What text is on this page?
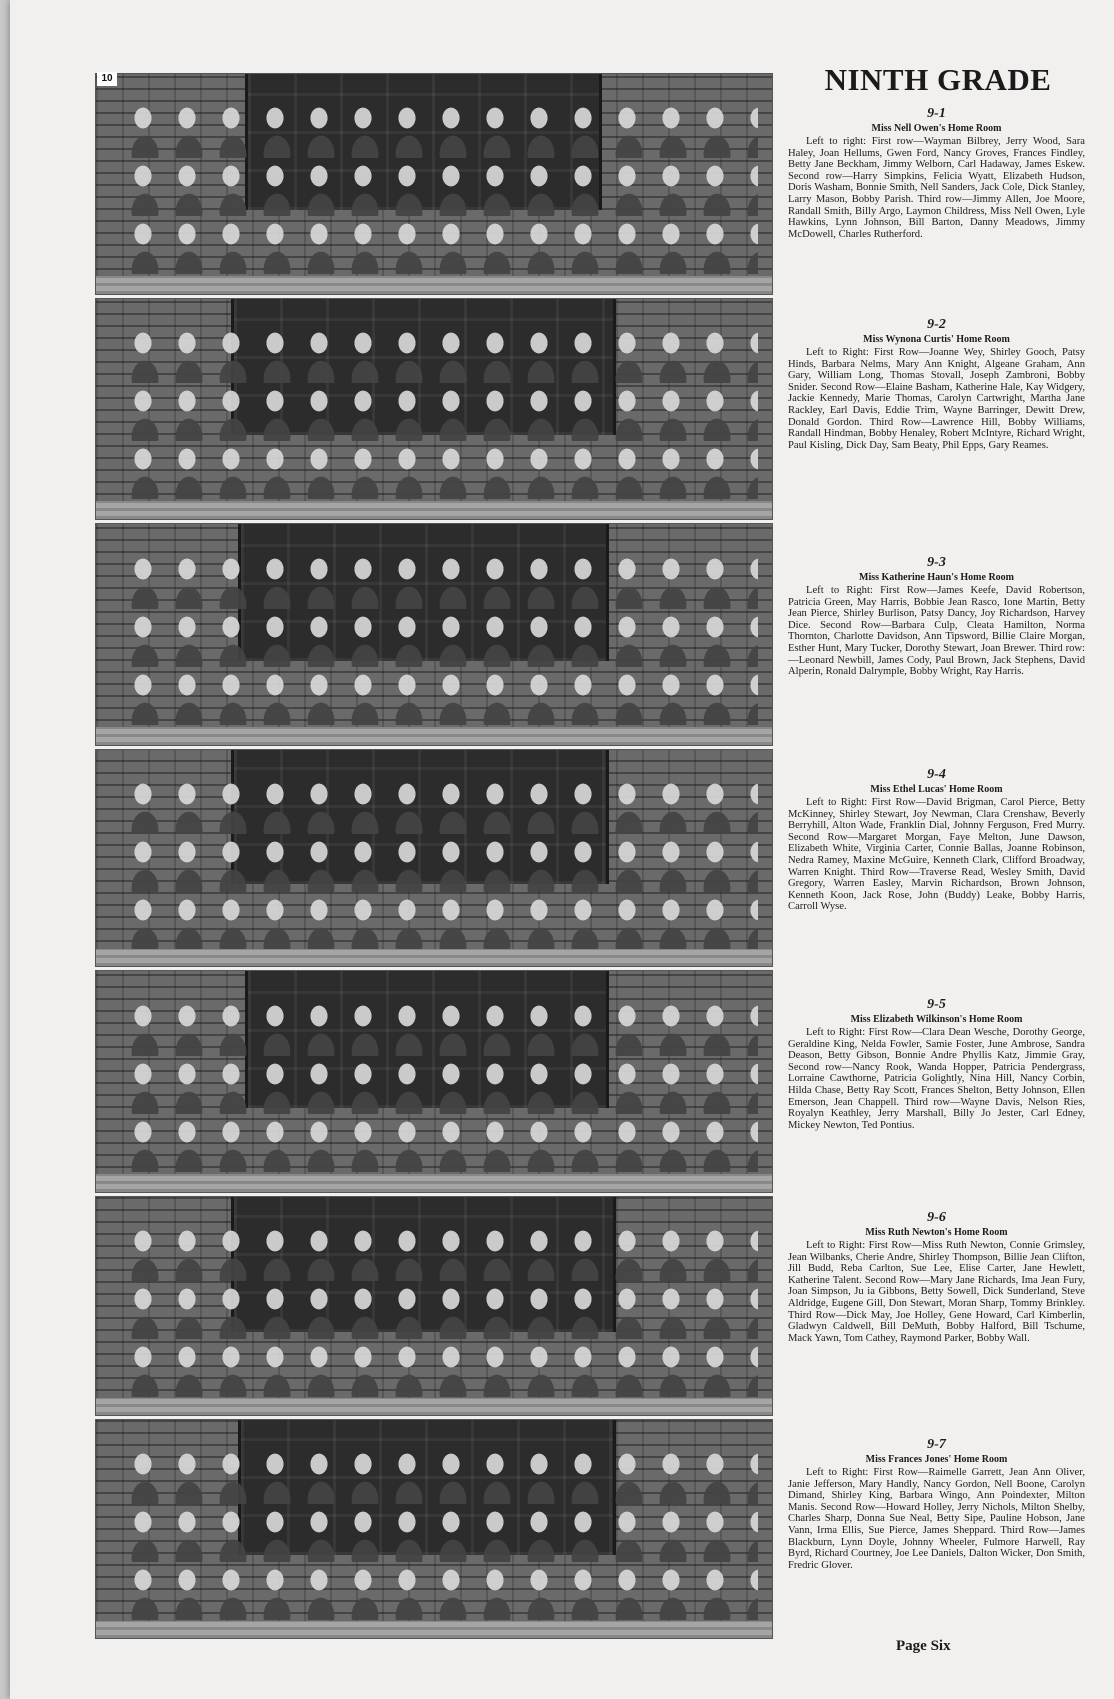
10	NINTH GRADE
9-1
Miss Nell Owen's Home Room

Left to right: First row—Wayman Bilbrey, Jerry Wood, Sara Haley, Joan Hellums, Gwen Ford, Nancy Groves, Frances Findley, Betty Jane Beckham, Jimmy Welborn, Carl Hadaway, James Eskew. Second row—Harry Simpkins, Felicia Wyatt, Elizabeth Hudson, Doris Washam, Bonnie Smith, Nell Sanders, Jack Cole, Dick Stanley, Larry Mason, Bobby Parish. Third row—Jimmy Allen, Joe Moore, Randall Smith, Billy Argo, Laymon Childress, Miss Nell Owen, Lyle Hawkins, Lynn Johnson, Bill Barton, Danny Meadows, Jimmy McDowell, Charles Rutherford.

9-2
Miss Wynona Curtis' Home Room

Left to Right: First Row—Joanne Wey, Shirley Gooch, Patsy Hinds, Barbara Nelms, Mary Ann Knight, Algeane Graham, Ann Gary, William Long, Thomas Stovall, Joseph Zambroni, Bobby Snider. Second Row—Elaine Basham, Katherine Hale, Kay Widgery, Jackie Kennedy, Marie Thomas, Carolyn Cartwright, Martha Jane Rackley, Earl Davis, Eddie Trim, Wayne Barringer, Dewitt Drew, Donald Gordon. Third Row—Lawrence Hill, Bobby Williams, Randall Hindman, Bobby Henaley, Robert McIntyre, Richard Wright, Paul Kisling, Dick Day, Sam Beaty, Phil Epps, Gary Reames.

9-3
Miss Katherine Haun's Home Room

Left to Right: First Row—James Keefe, David Robertson, Patricia Green, May Harris, Bobbie Jean Rasco, Ione Martin, Betty Jean Pierce, Shirley Burlison, Patsy Dancy, Joy Richardson, Harvey Dice. Second Row—Barbara Culp, Cleata Hamilton, Norma Thornton, Charlotte Davidson, Ann Tipsword, Billie Claire Morgan, Esther Hunt, Mary Tucker, Dorothy Stewart, Joan Brewer. Third row:—Leonard Newbill, James Cody, Paul Brown, Jack Stephens, David Alperin, Ronald Dalrymple, Bobby Wright, Ray Harris.

9-4
Miss Ethel Lucas' Home Room

Left to Right: First Row—David Brigman, Carol Pierce, Betty McKinney, Shirley Stewart, Joy Newman, Clara Crenshaw, Beverly Berryhill, Alton Wade, Franklin Dial, Johnny Ferguson, Fred Murry. Second Row—Margaret Morgan, Faye Melton, June Dawson, Elizabeth White, Virginia Carter, Connie Ballas, Joanne Robinson, Nedra Ramey, Maxine McGuire, Kenneth Clark, Clifford Broadway, Warren Knight. Third Row—Traverse Read, Wesley Smith, David Gregory, Warren Easley, Marvin Richardson, Brown Johnson, Kenneth Koon, Jack Rose, John (Buddy) Leake, Bobby Harris, Carroll Wyse.

9-5
Miss Elizabeth Wilkinson's Home Room

Left to Right: First Row—Clara Dean Wesche, Dorothy George, Geraldine King, Nelda Fowler, Samie Foster, June Ambrose, Sandra Deason, Betty Gibson, Bonnie Andre Phyllis Katz, Jimmie Gray, Second row—Nancy Rook, Wanda Hopper, Patricia Pendergrass, Lorraine Cawthorne, Patricia Golightly, Nina Hill, Nancy Corbin, Hilda Chase, Betty Ray Scott, Frances Shelton, Betty Johnson, Ellen Emerson, Jean Chappell. Third row—Wayne Davis, Nelson Ries, Royalyn Keathley, Jerry Marshall, Billy Jo Jester, Carl Edney, Mickey Newton, Ted Pontius.

9-6
Miss Ruth Newton's Home Room

Left to Right: First Row—Miss Ruth Newton, Connie Grimsley, Jean Wilbanks, Cherie Andre, Shirley Thompson, Billie Jean Clifton, Jill Budd, Reba Carlton, Sue Lee, Elise Carter, Jane Hewlett, Katherine Talent. Second Row—Mary Jane Richards, Ima Jean Fury, Joan Simpson, Ju ia Gibbons, Betty Sowell, Dick Sunderland, Steve Aldridge, Eugene Gill, Don Stewart, Moran Sharp, Tommy Brinkley. Third Row—Dick May, Joe Holley, Gene Howard, Carl Kimberlin, Gladwyn Caldwell, Bill DeMuth, Bobby Halford, Bill Tschume, Mack Yawn, Tom Cathey, Raymond Parker, Bobby Wall.

9-7
Miss Frances Jones' Home Room

Left to Right: First Row—Raimelle Garrett, Jean Ann Oliver, Janie Jefferson, Mary Handly, Nancy Gordon, Nell Boone, Carolyn Dimand, Shirley King, Barbara Wingo, Ann Poindexter, Milton Manis. Second Row—Howard Holley, Jerry Nichols, Milton Shelby, Charles Sharp, Donna Sue Neal, Betty Sipe, Pauline Hobson, Jane Vann, Irma Ellis, Sue Pierce, James Sheppard. Third Row—James Blackburn, Lynn Doyle, Johnny Wheeler, Fulmore Harwell, Ray Byrd, Richard Courtney, Joe Lee Daniels, Dalton Wicker, Don Smith, Fredric Glover.

Page Six
